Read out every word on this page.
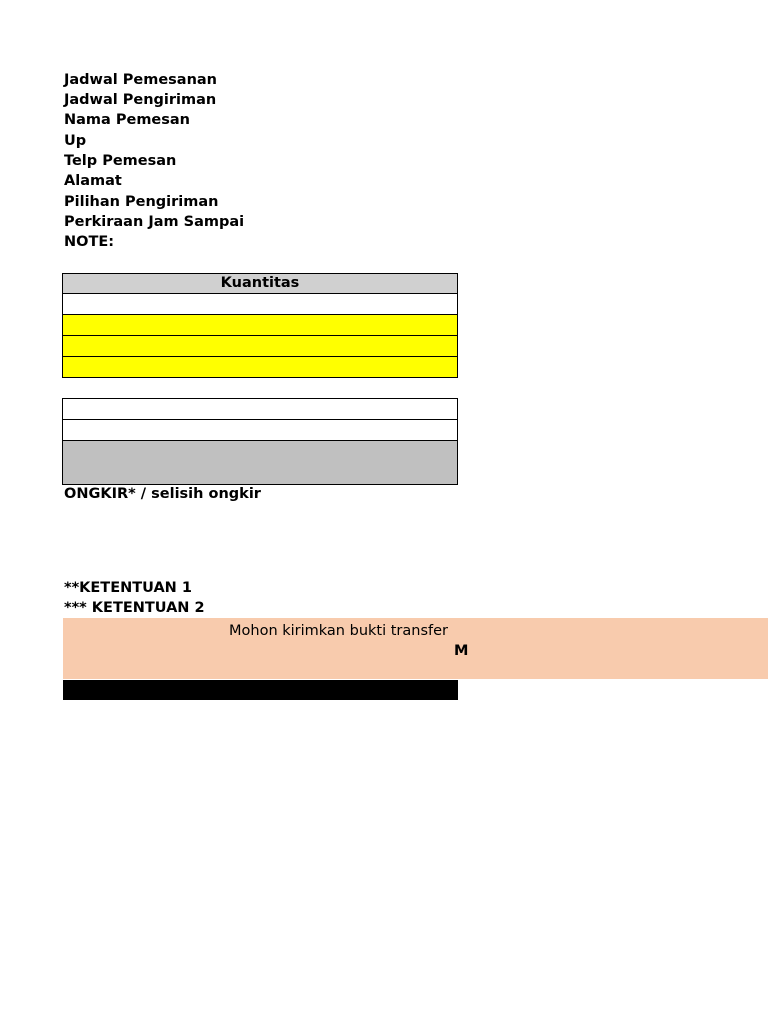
Jadwal Pemesanan
Jadwal Pengiriman
Nama Pemesan
Up
Telp Pemesan
Alamat
Pilihan Pengiriman
Perkiraan Jam Sampai
NOTE:
Kuantitas
ONGKIR* / selisih ongkir
**KETENTUAN 1
*** KETENTUAN 2
Mohon kirimkan bukti transfer
M
